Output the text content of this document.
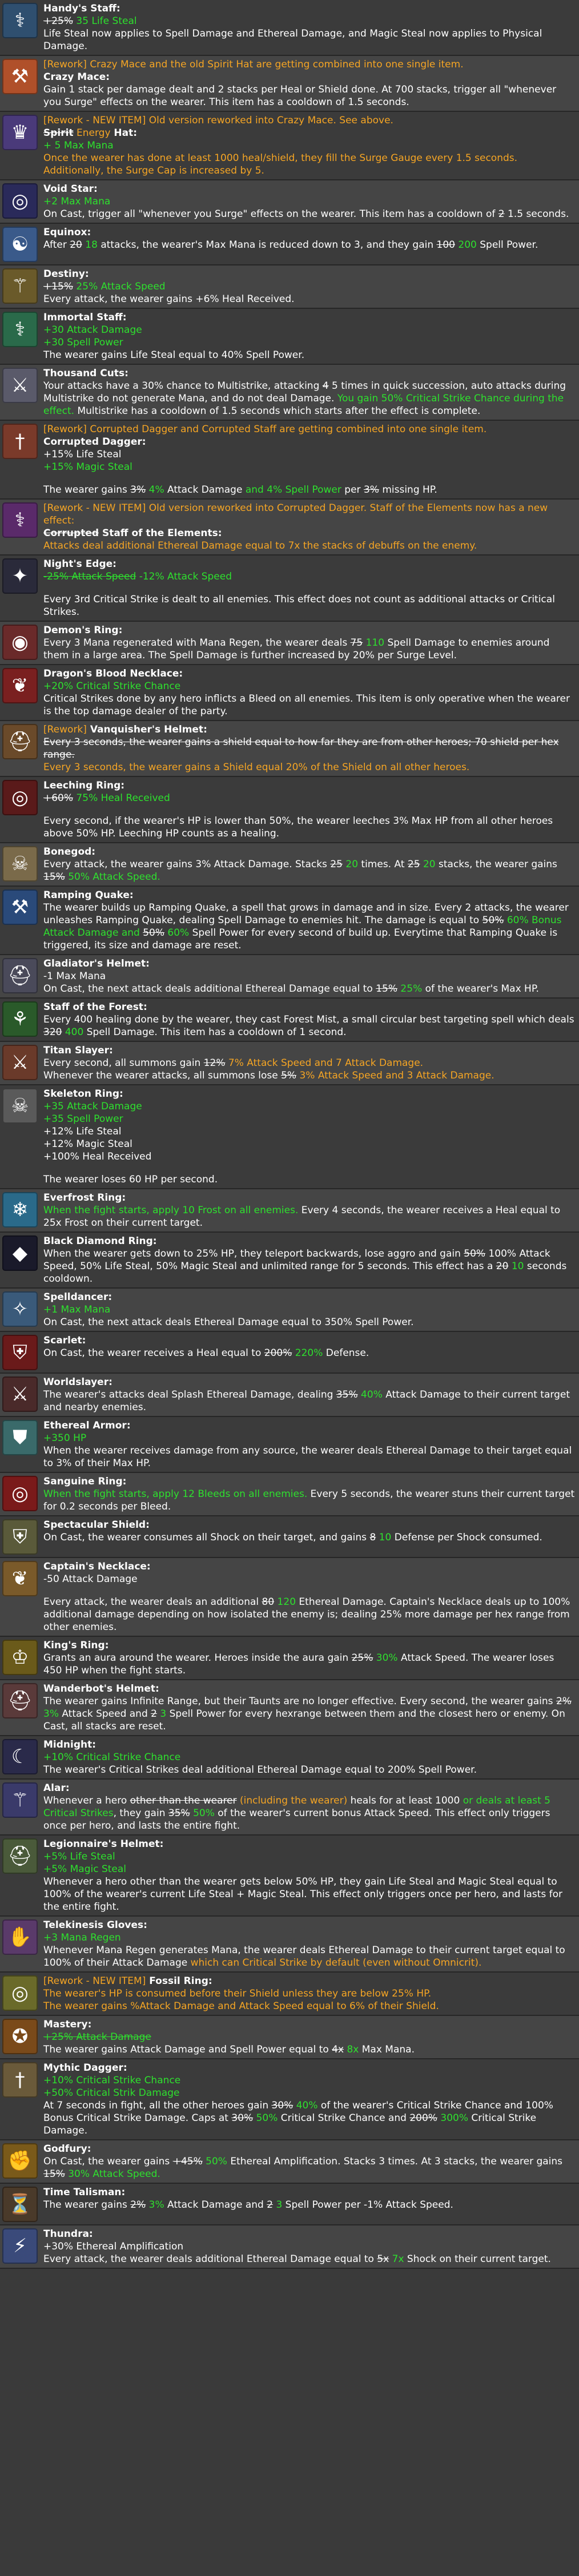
⚕
Handy's Staff:
+25% 35 Life Steal
Life Steal now applies to Spell Damage and Ethereal Damage, and Magic Steal now applies to Physical Damage.
⚒
[Rework] Crazy Mace and the old Spirit Hat are getting combined into one single item.
Crazy Mace:
Gain 1 stack per damage dealt and 2 stacks per Heal or Shield done. At 700 stacks, trigger all "whenever you Surge" effects on the wearer. This item has a cooldown of 1.5 seconds.
♛
[Rework - NEW ITEM] Old version reworked into Crazy Mace. See above.
Spirit Energy Hat:
+ 5 Max Mana
Once the wearer has done at least 1000 heal/shield, they fill the Surge Gauge every 1.5 seconds. Additionally, the Surge Cap is increased by 5.
◎
Void Star:
+2 Max Mana
On Cast, trigger all "whenever you Surge" effects on the wearer. This item has a cooldown of 2 1.5 seconds.
☯
Equinox:
After 20 18 attacks, the wearer's Max Mana is reduced down to 3, and they gain 100 200 Spell Power.
⚚
Destiny:
+15% 25% Attack Speed
Every attack, the wearer gains +6% Heal Received.
⚕
Immortal Staff:
+30 Attack Damage
+30 Spell Power
The wearer gains Life Steal equal to 40% Spell Power.
⚔
Thousand Cuts:
Your attacks have a 30% chance to Multistrike, attacking 4 5 times in quick succession, auto attacks during Multistrike do not generate Mana, and do not deal Damage. You gain 50% Critical Strike Chance during the effect. Multistrike has a cooldown of 1.5 seconds which starts after the effect is complete.
†
[Rework] Corrupted Dagger and Corrupted Staff are getting combined into one single item.
Corrupted Dagger:
+15% Life Steal
+15% Magic Steal
The wearer gains 3% 4% Attack Damage and 4% Spell Power per 3% missing HP.
⚕
[Rework - NEW ITEM] Old version reworked into Corrupted Dagger. Staff of the Elements now has a new effect:
Corrupted Staff of the Elements:
Attacks deal additional Ethereal Damage equal to 7x the stacks of debuffs on the enemy.
✦
Night's Edge:
-25% Attack Speed -12% Attack Speed
Every 3rd Critical Strike is dealt to all enemies. This effect does not count as additional attacks or Critical Strikes.
◉
Demon's Ring:
Every 3 Mana regenerated with Mana Regen, the wearer deals 75 110 Spell Damage to enemies around them in a large area. The Spell Damage is further increased by 20% per Surge Level.
❦
Dragon's Blood Necklace:
+20% Critical Strike Chance
Critical Strikes done by any hero inflicts a Bleed on all enemies. This item is only operative when the wearer is the top damage dealer of the party.
⛑
[Rework] Vanquisher's Helmet:
Every 3 seconds, the wearer gains a shield equal to how far they are from other heroes; 70 shield per hex range.
Every 3 seconds, the wearer gains a Shield equal 20% of the Shield on all other heroes.
◎
Leeching Ring:
+60% 75% Heal Received
Every second, if the wearer's HP is lower than 50%, the wearer leeches 3% Max HP from all other heroes above 50% HP. Leeching HP counts as a healing.
☠
Bonegod:
Every attack, the wearer gains 3% Attack Damage. Stacks 25 20 times. At 25 20 stacks, the wearer gains 15% 50% Attack Speed.
⚒
Ramping Quake:
The wearer builds up Ramping Quake, a spell that grows in damage and in size. Every 2 attacks, the wearer unleashes Ramping Quake, dealing Spell Damage to enemies hit. The damage is equal to 50% 60% Bonus Attack Damage and 50% 60% Spell Power for every second of build up. Everytime that Ramping Quake is triggered, its size and damage are reset.
⛑
Gladiator's Helmet:
-1 Max Mana
On Cast, the next attack deals additional Ethereal Damage equal to 15% 25% of the wearer's Max HP.
⚘
Staff of the Forest:
Every 400 healing done by the wearer, they cast Forest Mist, a small circular best targeting spell which deals 320 400 Spell Damage. This item has a cooldown of 1 second.
⚔
Titan Slayer:
Every second, all summons gain 12% 7% Attack Speed and 7 Attack Damage.
Whenever the wearer attacks, all summons lose 5% 3% Attack Speed and 3 Attack Damage.
☠
Skeleton Ring:
+35 Attack Damage
+35 Spell Power
+12% Life Steal
+12% Magic Steal
+100% Heal Received
The wearer loses 60 HP per second.
❄
Everfrost Ring:
When the fight starts, apply 10 Frost on all enemies. Every 4 seconds, the wearer receives a Heal equal to 25x Frost on their current target.
◆
Black Diamond Ring:
When the wearer gets down to 25% HP, they teleport backwards, lose aggro and gain 50% 100% Attack Speed, 50% Life Steal, 50% Magic Steal and unlimited range for 5 seconds. This effect has a 20 10 seconds cooldown.
✧
Spelldancer:
+1 Max Mana
On Cast, the next attack deals Ethereal Damage equal to 350% Spell Power.
⛨
Scarlet:
On Cast, the wearer receives a Heal equal to 200% 220% Defense.
⚔
Worldslayer:
The wearer's attacks deal Splash Ethereal Damage, dealing 35% 40% Attack Damage to their current target and nearby enemies.
⛊
Ethereal Armor:
+350 HP
When the wearer receives damage from any source, the wearer deals Ethereal Damage to their target equal to 3% of their Max HP.
◎
Sanguine Ring:
When the fight starts, apply 12 Bleeds on all enemies. Every 5 seconds, the wearer stuns their current target for 0.2 seconds per Bleed.
⛨
Spectacular Shield:
On Cast, the wearer consumes all Shock on their target, and gains 8 10 Defense per Shock consumed.
❦
Captain's Necklace:
-50 Attack Damage
Every attack, the wearer deals an additional 80 120 Ethereal Damage. Captain's Necklace deals up to 100% additional damage depending on how isolated the enemy is; dealing 25% more damage per hex range from other enemies.
♔
King's Ring:
Grants an aura around the wearer. Heroes inside the aura gain 25% 30% Attack Speed. The wearer loses 450 HP when the fight starts.
⛑
Wanderbot's Helmet:
The wearer gains Infinite Range, but their Taunts are no longer effective. Every second, the wearer gains 2% 3% Attack Speed and 2 3 Spell Power for every hexrange between them and the closest hero or enemy. On Cast, all stacks are reset.
☾
Midnight:
+10% Critical Strike Chance
The wearer's Critical Strikes deal additional Ethereal Damage equal to 200% Spell Power.
⚚
Alar:
Whenever a hero other than the wearer (including the wearer) heals for at least 1000 or deals at least 5 Critical Strikes, they gain 35% 50% of the wearer's current bonus Attack Speed. This effect only triggers once per hero, and lasts the entire fight.
⛑
Legionnaire's Helmet:
+5% Life Steal
+5% Magic Steal
Whenever a hero other than the wearer gets below 50% HP, they gain Life Steal and Magic Steal equal to 100% of the wearer's current Life Steal + Magic Steal. This effect only triggers once per hero, and lasts for the entire fight.
✋
Telekinesis Gloves:
+3 Mana Regen
Whenever Mana Regen generates Mana, the wearer deals Ethereal Damage to their current target equal to 100% of their Attack Damage which can Critical Strike by default (even without Omnicrit).
◎
[Rework - NEW ITEM] Fossil Ring:
The wearer's HP is consumed before their Shield unless they are below 25% HP.
The wearer gains %Attack Damage and Attack Speed equal to 6% of their Shield.
✪
Mastery:
+25% Attack Damage
The wearer gains Attack Damage and Spell Power equal to 4x 8x Max Mana.
†
Mythic Dagger:
+10% Critical Strike Chance
+50% Critical Strik Damage
At 7 seconds in fight, all the other heroes gain 30% 40% of the wearer's Critical Strike Chance and 100% Bonus Critical Strike Damage. Caps at 30% 50% Critical Strike Chance and 200% 300% Critical Strike Damage.
✊
Godfury:
On Cast, the wearer gains +45% 50% Ethereal Amplification. Stacks 3 times. At 3 stacks, the wearer gains 15% 30% Attack Speed.
⏳
Time Talisman:
The wearer gains 2% 3% Attack Damage and 2 3 Spell Power per -1% Attack Speed.
⚡
Thundra:
+30% Ethereal Amplification
Every attack, the wearer deals additional Ethereal Damage equal to 5x 7x Shock on their current target.
